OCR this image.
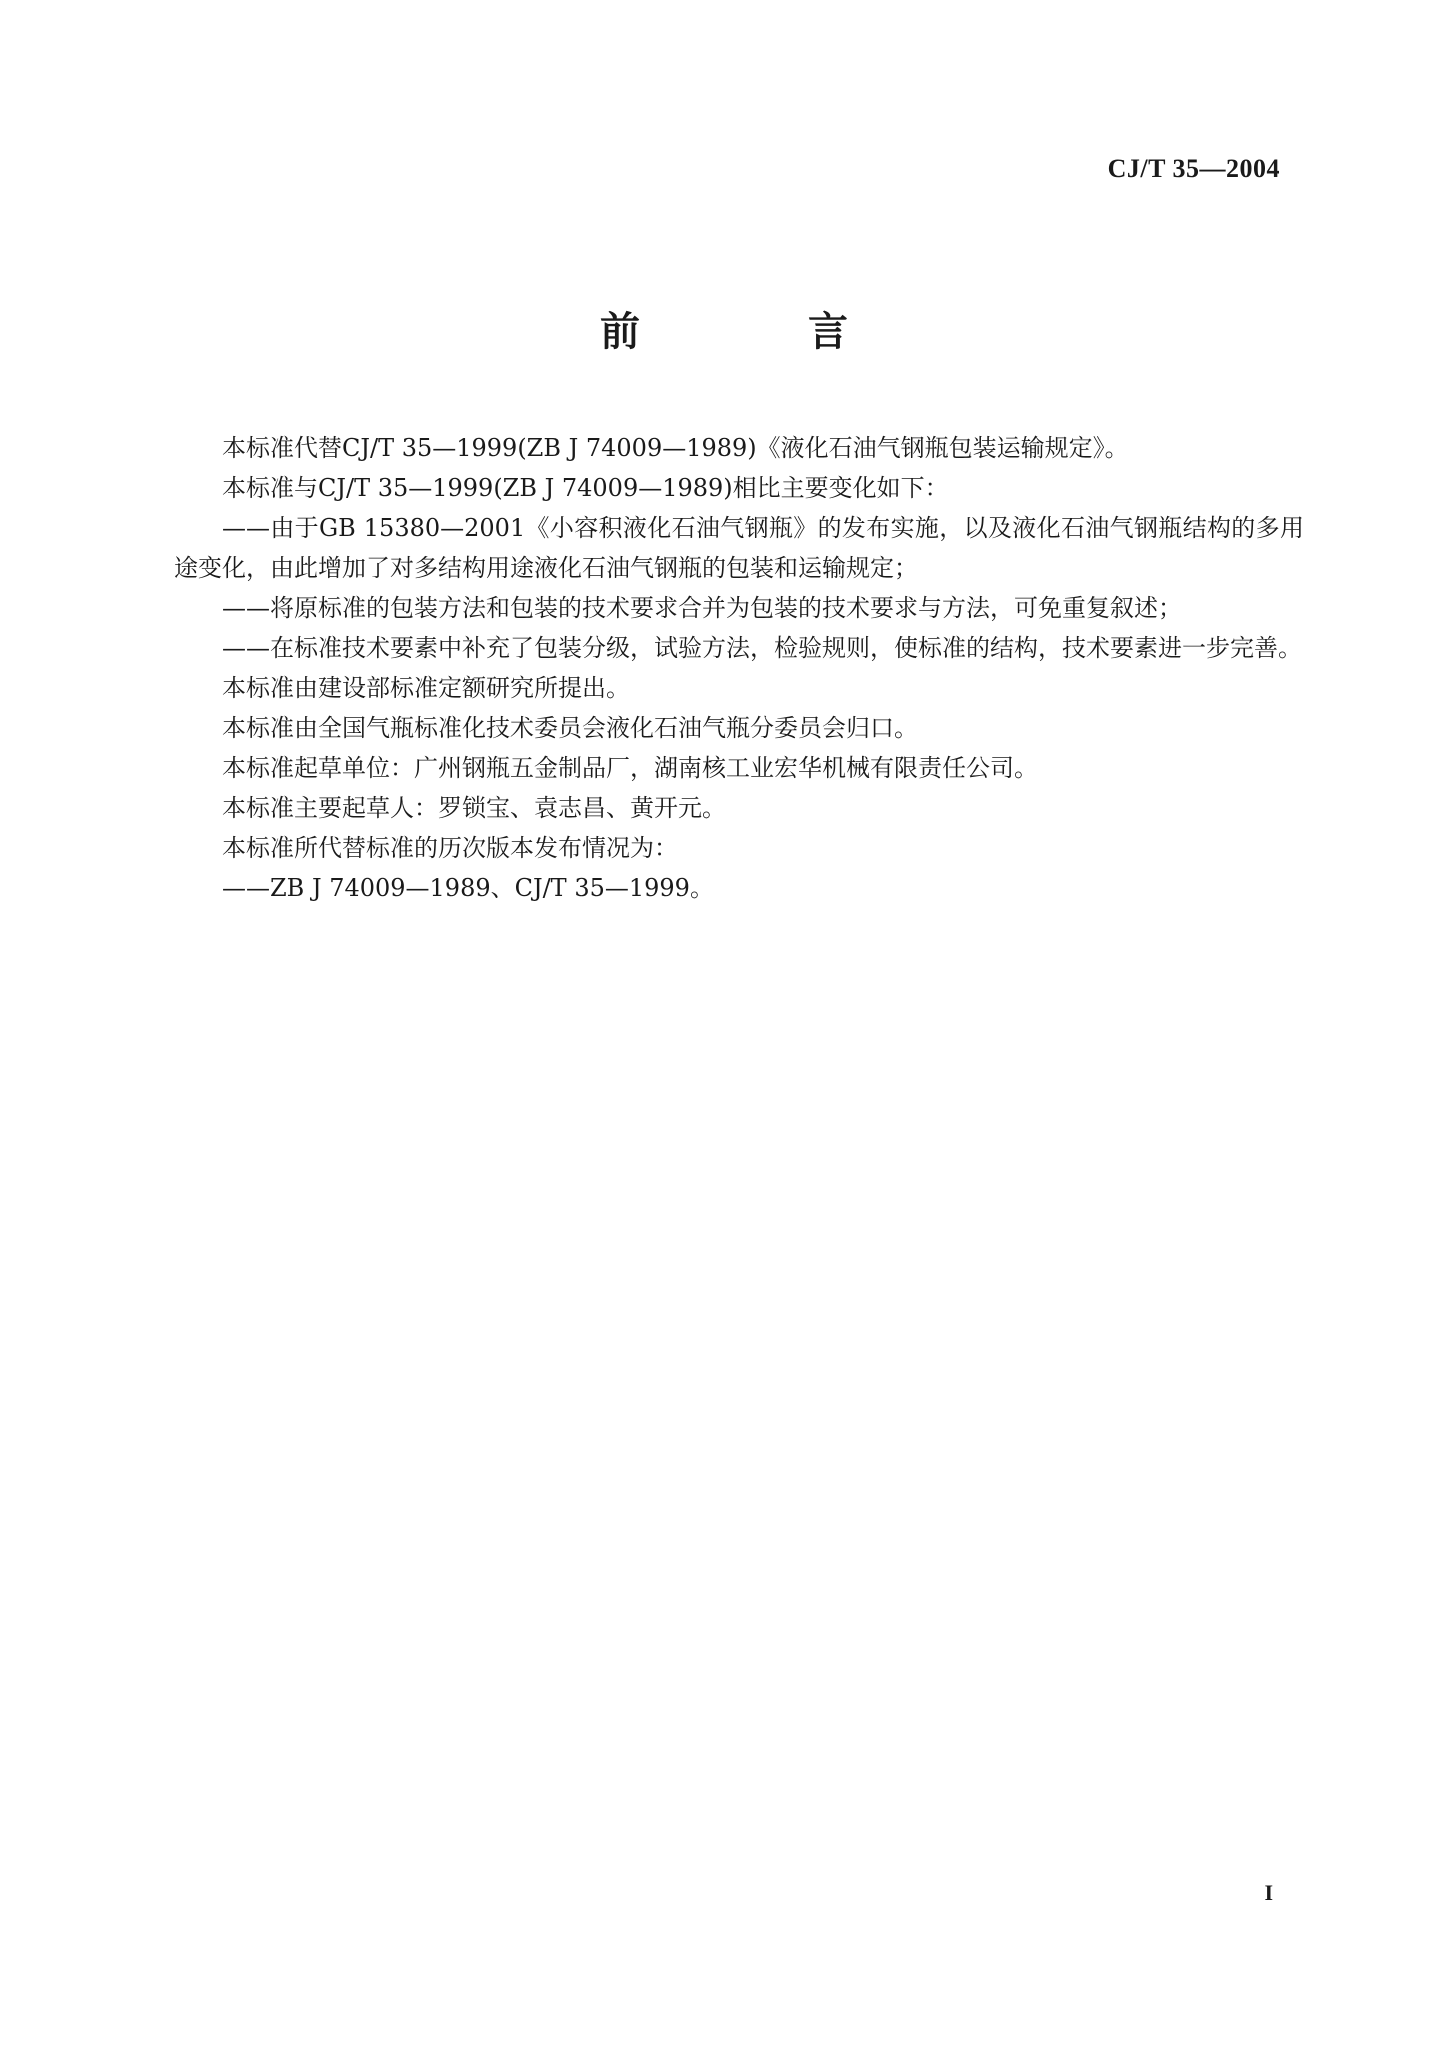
CJ/T 35—2004
前　言

本标准代替CJ/T 35—1999(ZB J 74009—1989)《液化石油气钢瓶包装运输规定》。

本标准与CJ/T 35—1999(ZB J 74009—1989)相比主要变化如下：

——由于GB 15380—2001《小容积液化石油气钢瓶》的发布实施，以及液化石油气钢瓶结构的多用途变化，由此增加了对多结构用途液化石油气钢瓶的包装和运输规定；

——将原标准的包装方法和包装的技术要求合并为包装的技术要求与方法，可免重复叙述；

——在标准技术要素中补充了包装分级，试验方法，检验规则，使标准的结构，技术要素进一步完善。

本标准由建设部标准定额研究所提出。

本标准由全国气瓶标准化技术委员会液化石油气瓶分委员会归口。

本标准起草单位：广州钢瓶五金制品厂，湖南核工业宏华机械有限责任公司。

本标准主要起草人：罗锁宝、袁志昌、黄开元。

本标准所代替标准的历次版本发布情况为：

——ZB J 74009—1989、CJ/T 35—1999。

I
